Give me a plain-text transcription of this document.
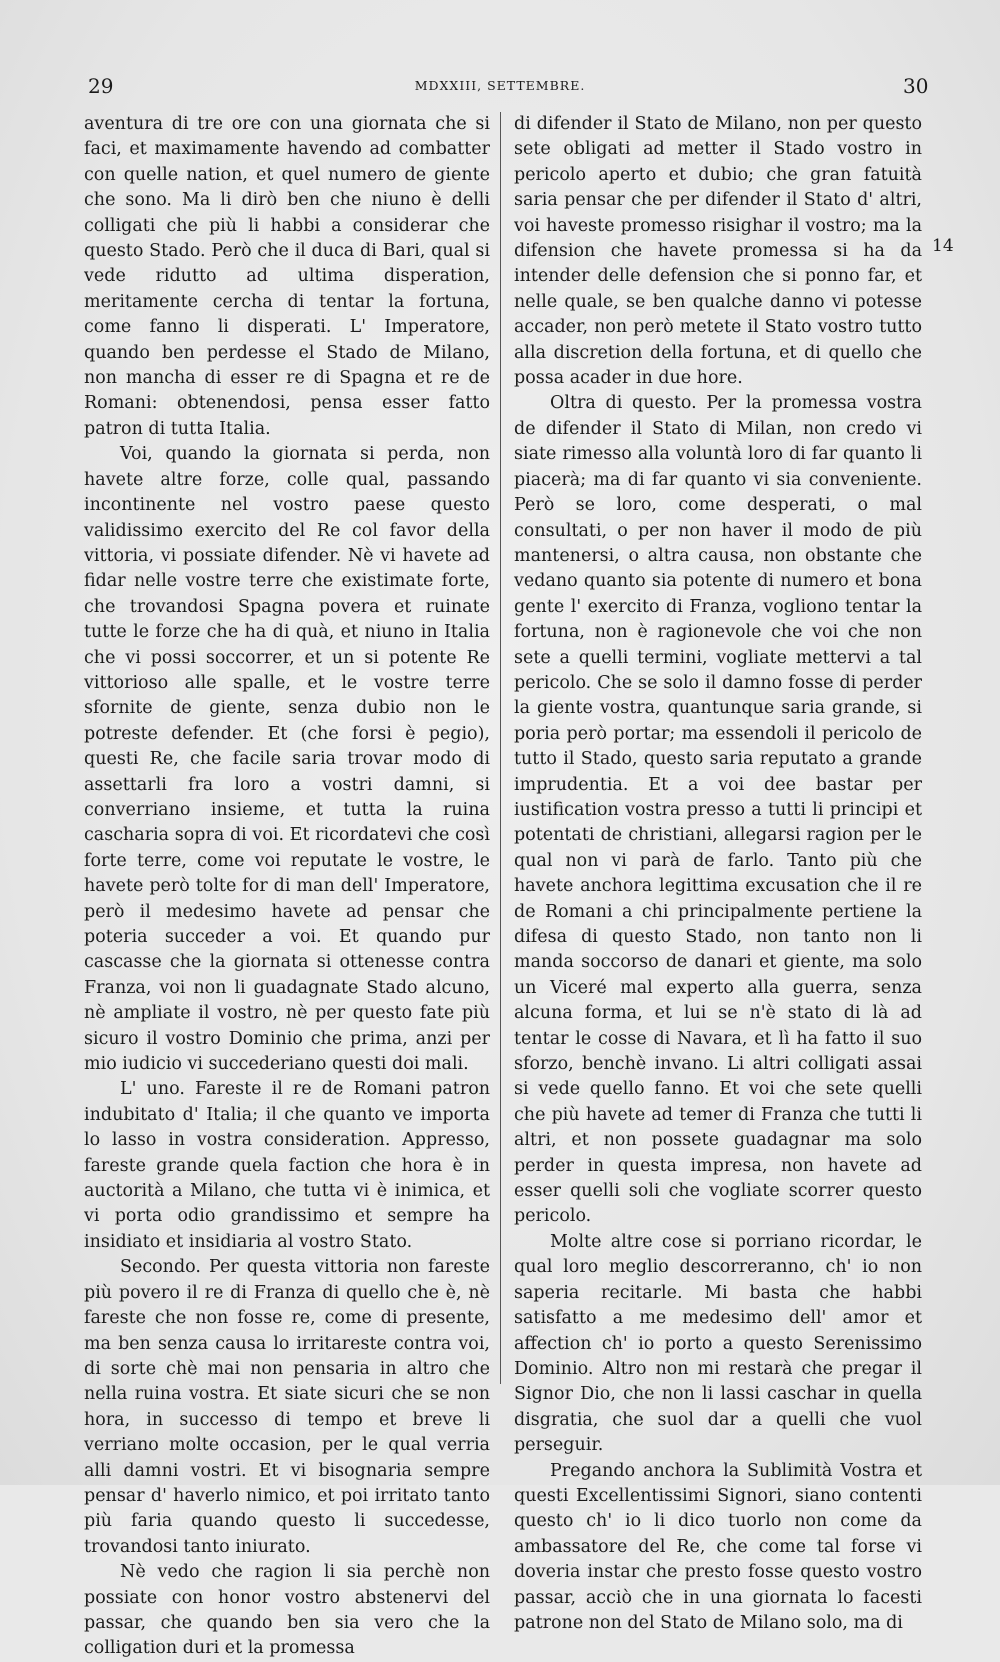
29	MDXXIII, SETTEMBRE.	30

aventura di tre ore con una giornata che si faci, et maximamente havendo ad combatter con quelle nation, et quel numero de giente che sono. Ma li dirò ben che niuno è delli colligati che più li habbi a considerar che questo Stado. Però che il duca di Bari, qual si vede ridutto ad ultima disperation, meritamente cercha di tentar la fortuna, come fanno li disperati. L' Imperatore, quando ben perdesse el Stado de Milano, non mancha di esser re di Spagna et re de Romani: obtenendosi, pensa esser fatto patron di tutta Italia.

Voi, quando la giornata si perda, non havete altre forze, colle qual, passando incontinente nel vostro paese questo validissimo exercito del Re col favor della vittoria, vi possiate difender. Nè vi havete ad fidar nelle vostre terre che existimate forte, che trovandosi Spagna povera et ruinate tutte le forze che ha di quà, et niuno in Italia che vi possi soccorrer, et un si potente Re vittorioso alle spalle, et le vostre terre sfornite de giente, senza dubio non le potreste defender. Et (che forsi è pegio), questi Re, che facile saria trovar modo di assettarli fra loro a vostri damni, si converriano insieme, et tutta la ruina cascharia sopra di voi. Et ricordatevi che così forte terre, come voi reputate le vostre, le havete però tolte for di man dell' Imperatore, però il medesimo havete ad pensar che poteria succeder a voi. Et quando pur cascasse che la giornata si ottenesse contra Franza, voi non li guadagnate Stado alcuno, nè ampliate il vostro, nè per questo fate più sicuro il vostro Dominio che prima, anzi per mio iudicio vi succederiano questi doi mali.

L' uno. Fareste il re de Romani patron indubitato d' Italia; il che quanto ve importa lo lasso in vostra consideration. Appresso, fareste grande quela faction che hora è in auctorità a Milano, che tutta vi è inimica, et vi porta odio grandissimo et sempre ha insidiato et insidiaria al vostro Stato.

Secondo. Per questa vittoria non fareste più povero il re di Franza di quello che è, nè fareste che non fosse re, come di presente, ma ben senza causa lo irritareste contra voi, di sorte chè mai non pensaria in altro che nella ruina vostra. Et siate sicuri che se non hora, in successo di tempo et breve li verriano molte occasion, per le qual verria alli damni vostri. Et vi bisognaria sempre pensar d' haverlo nimico, et poi irritato tanto più faria quando questo li succedesse, trovandosi tanto iniurato.

Nè vedo che ragion li sia perchè non possiate con honor vostro abstenervi del passar, che quando ben sia vero che la colligation duri et la promessa

di difender il Stato de Milano, non per questo sete obligati ad metter il Stado vostro in pericolo aperto et dubio; che gran fatuità saria pensar che per difender il Stato d' altri, voi haveste promesso risighar il vostro; ma la difension che havete promessa si ha da intender delle defension che si ponno far, et nelle quale, se ben qualche danno vi potesse accader, non però metete il Stato vostro tutto alla discretion della fortuna, et di quello che possa acader in due hore.

Oltra di questo. Per la promessa vostra de difender il Stato di Milan, non credo vi siate rimesso alla voluntà loro di far quanto li piacerà; ma di far quanto vi sia conveniente. Però se loro, come desperati, o mal consultati, o per non haver il modo de più mantenersi, o altra causa, non obstante che vedano quanto sia potente di numero et bona gente l' exercito di Franza, vogliono tentar la fortuna, non è ragionevole che voi che non sete a quelli termini, vogliate mettervi a tal pericolo. Che se solo il damno fosse di perder la giente vostra, quantunque saria grande, si poria però portar; ma essendoli il pericolo de tutto il Stado, questo saria reputato a grande imprudentia. Et a voi dee bastar per iustification vostra presso a tutti li principi et potentati de christiani, allegarsi ragion per le qual non vi parà de farlo. Tanto più che havete anchora legittima excusation che il re de Romani a chi principalmente pertiene la difesa di questo Stado, non tanto non li manda soccorso de danari et giente, ma solo un Viceré mal experto alla guerra, senza alcuna forma, et lui se n'è stato di là ad tentar le cosse di Navara, et lì ha fatto il suo sforzo, benchè invano. Li altri colligati assai si vede quello fanno. Et voi che sete quelli che più havete ad temer di Franza che tutti li altri, et non possete guadagnar ma solo perder in questa impresa, non havete ad esser quelli soli che vogliate scorrer questo pericolo.

Molte altre cose si porriano ricordar, le qual loro meglio descorreranno, ch' io non saperia recitarle. Mi basta che habbi satisfatto a me medesimo dell' amor et affection ch' io porto a questo Serenissimo Dominio. Altro non mi restarà che pregar il Signor Dio, che non li lassi caschar in quella disgratia, che suol dar a quelli che vuol perseguir.

Pregando anchora la Sublimità Vostra et questi Excellentissimi Signori, siano contenti questo ch' io li dico tuorlo non come da ambassatore del Re, che come tal forse vi doveria instar che presto fosse questo vostro passar, acciò che in una giornata lo facesti patrone non del Stato de Milano solo, ma di

14
